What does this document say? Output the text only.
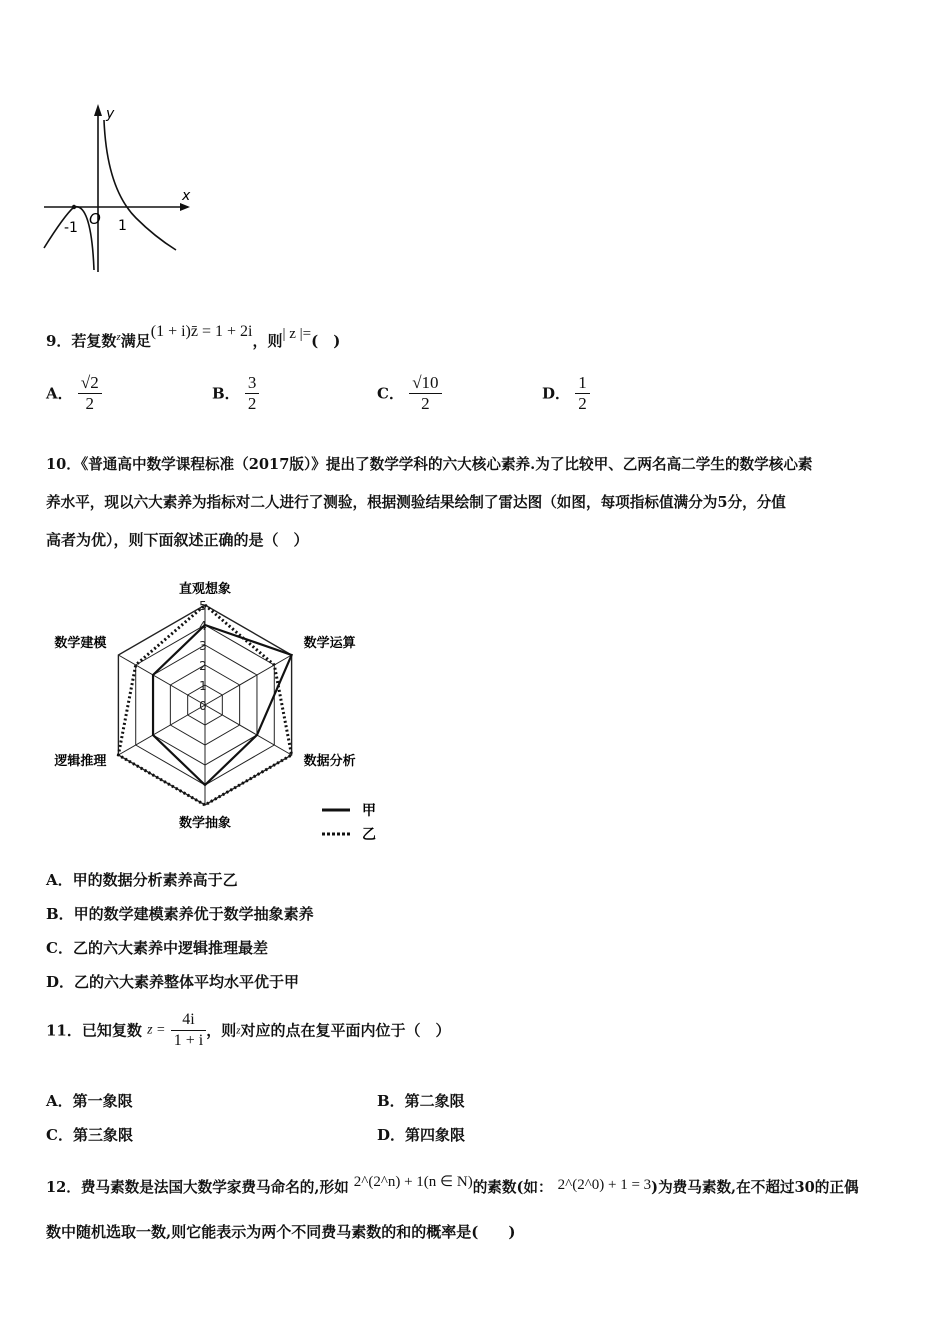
y
x
O
-1	1
9．若复数$^z$满足(1 + i)z̄ = 1 + 2i，则| z |=(　)
A． $\frac{√2}{2}$	B． $\frac{3}{2}$	C． $\frac{√10}{2}$	D． $\frac{1}{2}$
10．《普通高中数学课程标准（2017版）》提出了数学学科的六大核心素养.为了比较甲、乙两名高二学生的数学核心素
养水平，现以六大素养为指标对二人进行了测验，根据测验结果绘制了雷达图（如图，每项指标值满分为5分，分值
高者为优），则下面叙述正确的是（　）
0
1
2
3
4
5
直观想象
数学运算
数据分析
数学抽象
逻辑推理
数学建模
甲
乙
A．甲的数据分析素养高于乙
B．甲的数学建模素养优于数学抽象素养
C．乙的六大素养中逻辑推理最差
D．乙的六大素养整体平均水平优于甲
11．已知复数 $z = \frac{4i}{1 + i}$ ，则z对应的点在复平面内位于（　）
A．第一象限	B．第二象限
C．第三象限	D．第四象限
12．费马素数是法国大数学家费马命名的,形如 2^(2^n) + 1(n ∈ N)的素数(如： 2^(2^0) + 1 = 3)为费马素数,在不超过30的正偶
数中随机选取一数,则它能表示为两个不同费马素数的和的概率是(　　)
